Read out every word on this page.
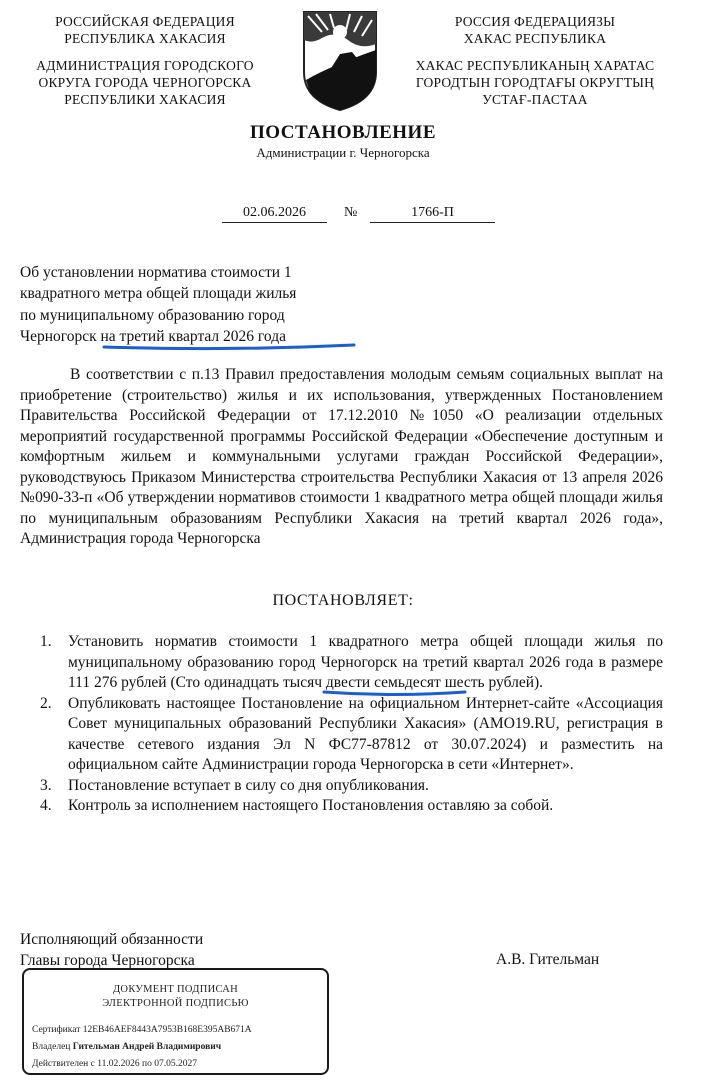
РОССИЙСКАЯ ФЕДЕРАЦИЯ
РЕСПУБЛИКА ХАКАСИЯ
АДМИНИСТРАЦИЯ ГОРОДСКОГО
ОКРУГА ГОРОДА ЧЕРНОГОРСКА
РЕСПУБЛИКИ ХАКАСИЯ
РОССИЯ ФЕДЕРАЦИЯЗЫ
ХАКАС РЕСПУБЛИКА
ХАКАС РЕСПУБЛИКАНЫҢ ХАРАТАС
ГОРОДТЫН ГОРОДТАҒЫ ОКРУГТЫҢ
УСТАҒ-ПАСТАА
ПОСТАНОВЛЕНИЕ
Администрации г. Черногорска
02.06.2026	№	1766-П
Об установлении норматива стоимости 1
квадратного метра общей площади жилья
по муниципальному образованию город
Черногорск на третий квартал 2026 года

В соответствии с п.13 Правил предоставления молодым семьям социальных выплат на приобретение (строительство) жилья и их использования, утвержденных Постановлением Правительства Российской Федерации от 17.12.2010 №1050 «О реализации отдельных мероприятий государственной программы Российской Федерации «Обеспечение доступным и комфортным жильем и коммунальными услугами граждан Российской Федерации», руководствуюсь Приказом Министерства строительства Республики Хакасия от 13 апреля 2026 №090-33-п «Об утверждении нормативов стоимости 1 квадратного метра общей площади жилья по муниципальным образованиям Республики Хакасия на третий квартал 2026 года», Администрация города Черногорска

ПОСТАНОВЛЯЕТ:
1. Установить норматив стоимости 1 квадратного метра общей площади жилья по муниципальному образованию город Черногорск на третий квартал 2026 года в размере 111 276 рублей (Сто одинадцать тысяч двести семьдесят шесть рублей).
2. Опубликовать настоящее Постановление на официальном Интернет-сайте «Ассоциация Совет муниципальных образований Республики Хакасия» (АМО19.RU, регистрация в качестве сетевого издания Эл N ФС77-87812 от 30.07.2024) и разместить на официальном сайте Администрации города Черногорска в сети «Интернет».
3. Постановление вступает в силу со дня опубликования.
4. Контроль за исполнением настоящего Постановления оставляю за собой.
Исполняющий обязанности
Главы города Черногорска	А.В. Гительман
ДОКУМЕНТ ПОДПИСАН
ЭЛЕКТРОННОЙ ПОДПИСЬЮ
Сертификат 12EB46AEF8443A7953B168E395AB671A
Владелец Гительман Андрей Владимирович
Действителен с 11.02.2026 по 07.05.2027
